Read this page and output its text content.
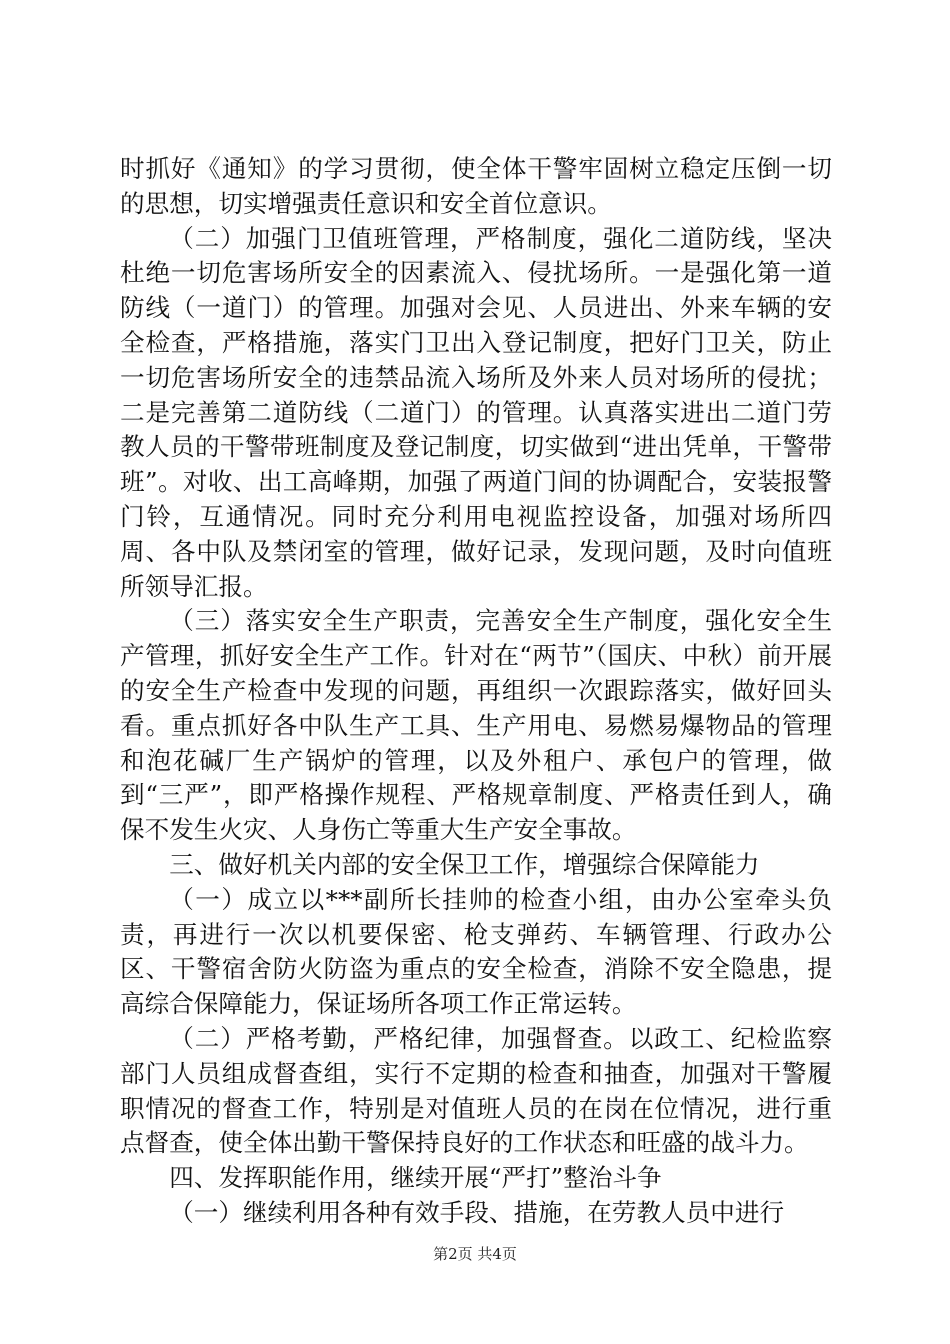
时抓好《通知》的学习贯彻，使全体干警牢固树立稳定压倒一切的思想，切实增强责任意识和安全首位意识。

（二）加强门卫值班管理，严格制度，强化二道防线，坚决杜绝一切危害场所安全的因素流入、侵扰场所。一是强化第一道防线（一道门）的管理。加强对会见、人员进出、外来车辆的安全检查，严格措施，落实门卫出入登记制度，把好门卫关，防止一切危害场所安全的违禁品流入场所及外来人员对场所的侵扰；二是完善第二道防线（二道门）的管理。认真落实进出二道门劳教人员的干警带班制度及登记制度，切实做到“进出凭单，干警带班”。对收、出工高峰期，加强了两道门间的协调配合，安装报警门铃，互通情况。同时充分利用电视监控设备，加强对场所四周、各中队及禁闭室的管理，做好记录，发现问题，及时向值班所领导汇报。

（三）落实安全生产职责，完善安全生产制度，强化安全生产管理，抓好安全生产工作。针对在“两节”（国庆、中秋）前开展的安全生产检查中发现的问题，再组织一次跟踪落实，做好回头看。重点抓好各中队生产工具、生产用电、易燃易爆物品的管理和泡花碱厂生产锅炉的管理，以及外租户、承包户的管理，做到“三严”，即严格操作规程、严格规章制度、严格责任到人，确保不发生火灾、人身伤亡等重大生产安全事故。

三、做好机关内部的安全保卫工作，增强综合保障能力

（一）成立以***副所长挂帅的检查小组，由办公室牵头负责，再进行一次以机要保密、枪支弹药、车辆管理、行政办公区、干警宿舍防火防盗为重点的安全检查，消除不安全隐患，提高综合保障能力，保证场所各项工作正常运转。

（二）严格考勤，严格纪律，加强督查。以政工、纪检监察部门人员组成督查组，实行不定期的检查和抽查，加强对干警履职情况的督查工作，特别是对值班人员的在岗在位情况，进行重点督查，使全体出勤干警保持良好的工作状态和旺盛的战斗力。

四、发挥职能作用，继续开展“严打”整治斗争

（一）继续利用各种有效手段、措施，在劳教人员中进行

第2页 共4页
